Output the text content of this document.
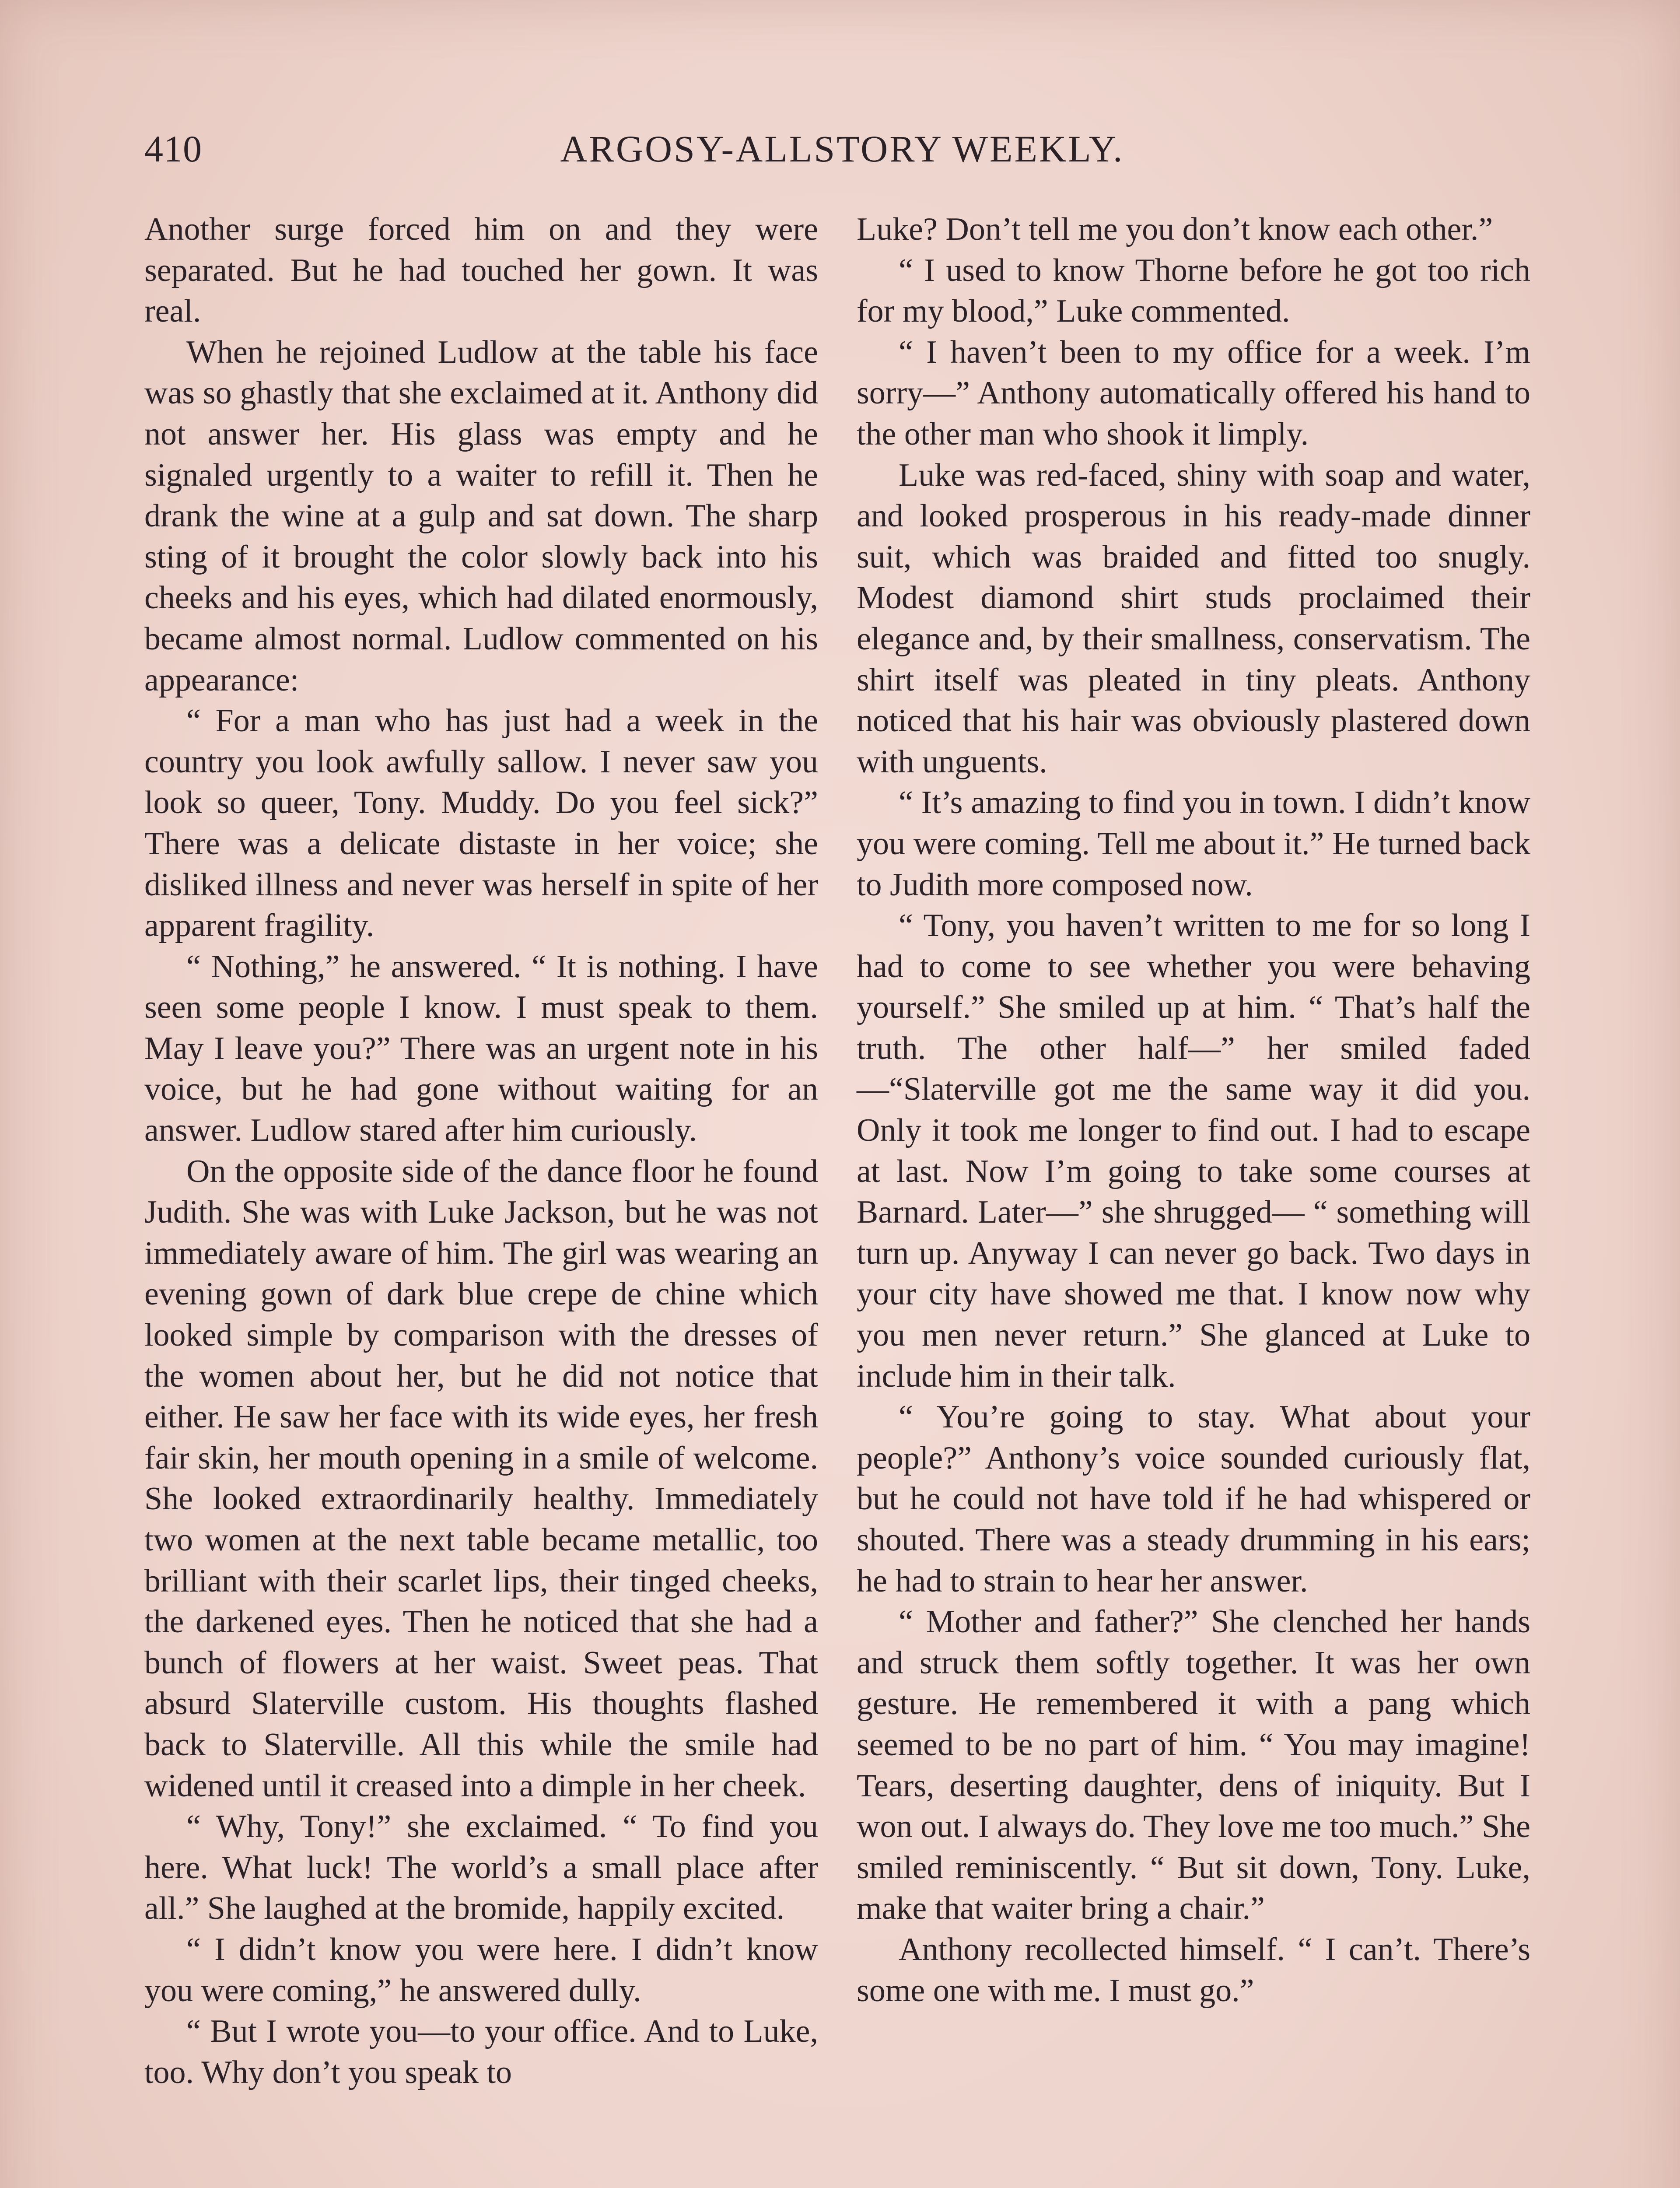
410	ARGOSY-ALLSTORY WEEKLY.

Another surge forced him on and they were separated. But he had touched her gown. It was real.

When he rejoined Ludlow at the table his face was so ghastly that she exclaimed at it. Anthony did not answer her. His glass was empty and he signaled urgently to a waiter to refill it. Then he drank the wine at a gulp and sat down. The sharp sting of it brought the color slowly back into his cheeks and his eyes, which had dilated enormously, became almost normal. Ludlow commented on his appearance:

“ For a man who has just had a week in the country you look awfully sallow. I never saw you look so queer, Tony. Muddy. Do you feel sick?” There was a delicate distaste in her voice; she disliked illness and never was herself in spite of her apparent fragility.

“ Nothing,” he answered. “ It is nothing. I have seen some people I know. I must speak to them. May I leave you?” There was an urgent note in his voice, but he had gone without waiting for an answer. Ludlow stared after him curiously.

On the opposite side of the dance floor he found Judith. She was with Luke Jackson, but he was not immediately aware of him. The girl was wearing an evening gown of dark blue crepe de chine which looked simple by comparison with the dresses of the women about her, but he did not notice that either. He saw her face with its wide eyes, her fresh fair skin, her mouth opening in a smile of welcome. She looked extraordinarily healthy. Immediately two women at the next table became metallic, too brilliant with their scarlet lips, their tinged cheeks, the darkened eyes. Then he noticed that she had a bunch of flowers at her waist. Sweet peas. That absurd Slaterville custom. His thoughts flashed back to Slaterville. All this while the smile had widened until it creased into a dimple in her cheek.

“ Why, Tony!” she exclaimed. “ To find you here. What luck! The world’s a small place after all.” She laughed at the bromide, happily excited.

“ I didn’t know you were here. I didn’t know you were coming,” he answered dully.

“ But I wrote you—to your office. And to Luke, too. Why don’t you speak to

Luke? Don’t tell me you don’t know each other.”

“ I used to know Thorne before he got too rich for my blood,” Luke commented.

“ I haven’t been to my office for a week. I’m sorry—” Anthony automatically offered his hand to the other man who shook it limply.

Luke was red-faced, shiny with soap and water, and looked prosperous in his ready-made dinner suit, which was braided and fitted too snugly. Modest diamond shirt studs proclaimed their elegance and, by their smallness, conservatism. The shirt itself was pleated in tiny pleats. Anthony noticed that his hair was obviously plastered down with unguents.

“ It’s amazing to find you in town. I didn’t know you were coming. Tell me about it.” He turned back to Judith more composed now.

“ Tony, you haven’t written to me for so long I had to come to see whether you were behaving yourself.” She smiled up at him. “ That’s half the truth. The other half—” her smiled faded—“Slaterville got me the same way it did you. Only it took me longer to find out. I had to escape at last. Now I’m going to take some courses at Barnard. Later—” she shrugged— “ something will turn up. Anyway I can never go back. Two days in your city have showed me that. I know now why you men never return.” She glanced at Luke to include him in their talk.

“ You’re going to stay. What about your people?” Anthony’s voice sounded curiously flat, but he could not have told if he had whispered or shouted. There was a steady drumming in his ears; he had to strain to hear her answer.

“ Mother and father?” She clenched her hands and struck them softly together. It was her own gesture. He remembered it with a pang which seemed to be no part of him. “ You may imagine! Tears, deserting daughter, dens of iniquity. But I won out. I always do. They love me too much.” She smiled reminiscently. “ But sit down, Tony. Luke, make that waiter bring a chair.”

Anthony recollected himself. “ I can’t. There’s some one with me. I must go.”
